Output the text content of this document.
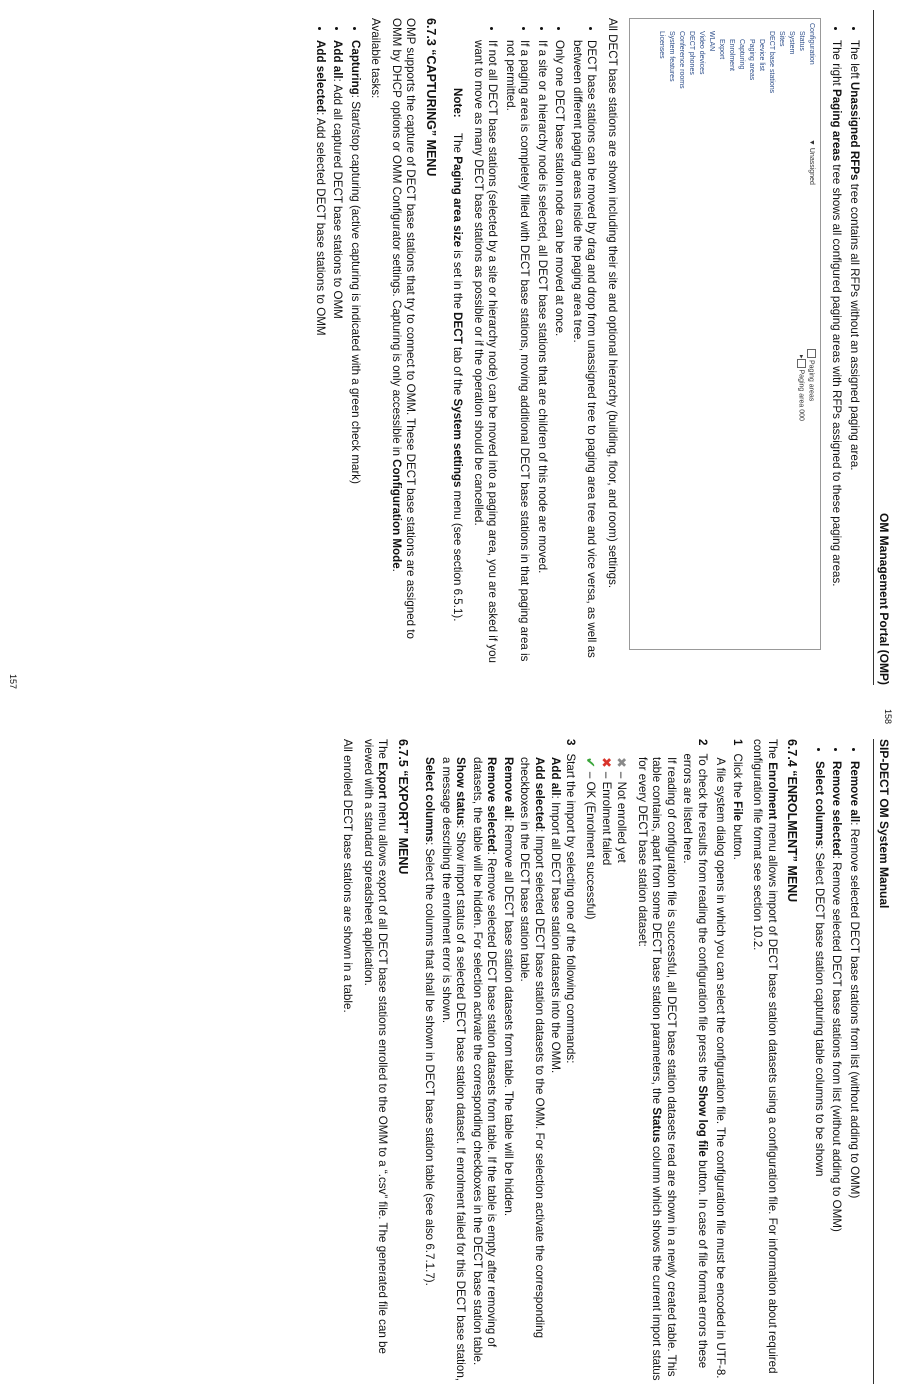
OM Management Portal (OMP)
• The left Unassigned RFPs tree contains all RFPs without an assigned paging area.
• The right Paging areas tree shows all configured paging areas with RFPs assigned to these paging areas.
Configuration
Status
System
Sites
DECT base stations
Device list
Paging areas
Capturing
Enrolment
Export
WLAN
Video devices
DECT phones
Conference rooms
System features
Licenses
▼ Unassigned
Paging areas
▸Paging area 000

All DECT base stations are shown including their site and optional hierarchy (building, floor, and room) settings.

• DECT base stations can be moved by drag and drop from unassigned tree to paging area tree and vice versa, as well as between different paging areas inside the paging area tree.
• Only one DECT base station node can be moved at once.
• If a site or a hierarchy node is selected, all DECT base stations that are children of this node are moved.
• If a paging area is completely filled with DECT base stations, moving additional DECT base stations in that paging area is not permitted.
• If not all DECT base stations (selected by a site or hierarchy node) can be moved into a paging area, you are asked if you want to move as many DECT base stations as possible or if the operation should be cancelled.
Note: The Paging area size is set in the DECT tab of the System settings menu (see section 6.5.1).
6.7.3 “CAPTURING” MENU

OMP supports the capture of DECT base stations that try to connect to OMM. These DECT base stations are assigned to OMM by DHCP options or OMM Configurator settings. Capturing is only accessible in Configuration Mode.

Available tasks:

• Capturing: Start/stop capturing (active capturing is indicated with a green check mark)
• Add all: Add all captured DECT base stations to OMM
• Add selected: Add selected DECT base stations to OMM
157
SIP-DECT OM System Manual
158
• Remove all: Remove selected DECT base stations from list (without adding to OMM)
• Remove selected: Remove selected DECT base stations from list (without adding to OMM)
• Select columns: Select DECT base station capturing table columns to be shown
6.7.4 “ENROLMENT” MENU

The Enrolment menu allows import of DECT base station datasets using a configuration file. For information about required configuration file format see section 10.2.

1
Click the File button.
A file system dialog opens in which you can select the configuration file. The configuration file must be encoded in UTF-8.
2
To check the results from reading the configuration file press the Show log file button. In case of file format errors these errors are listed here.

If reading of configuration file is successful, all DECT base station datasets read are shown in a newly created table. This table contains, apart from some DECT base station parameters, the Status column which shows the current import status for every DECT base station dataset:

✖
– Not enrolled yet
✖
– Enrolment failed
✔
– OK (Enrolment successful)
3
Start the import by selecting one of the following commands:
Add all: Import all DECT base station datasets into the OMM.
Add selected: Import selected DECT base station datasets to the OMM. For selection activate the corresponding checkboxes in the DECT base station table.
Remove all: Remove all DECT base station datasets from table. The table will be hidden.
Remove selected: Remove selected DECT base station datasets from table. If the table is empty after removing of datasets, the table will be hidden. For selection activate the corresponding checkboxes in the DECT base station table.
Show status: Show import status of a selected DECT base station dataset. If enrolment failed for this DECT base station, a message describing the enrolment error is shown.
Select columns: Select the columns that shall be shown in DECT base station table (see also 6.7.1.7).
6.7.5 “EXPORT” MENU

The Export menu allows export of all DECT base stations enrolled to the OMM to a “.csv” file. The generated file can be viewed with a standard spreadsheet application.

All enrolled DECT base stations are shown in a table.
